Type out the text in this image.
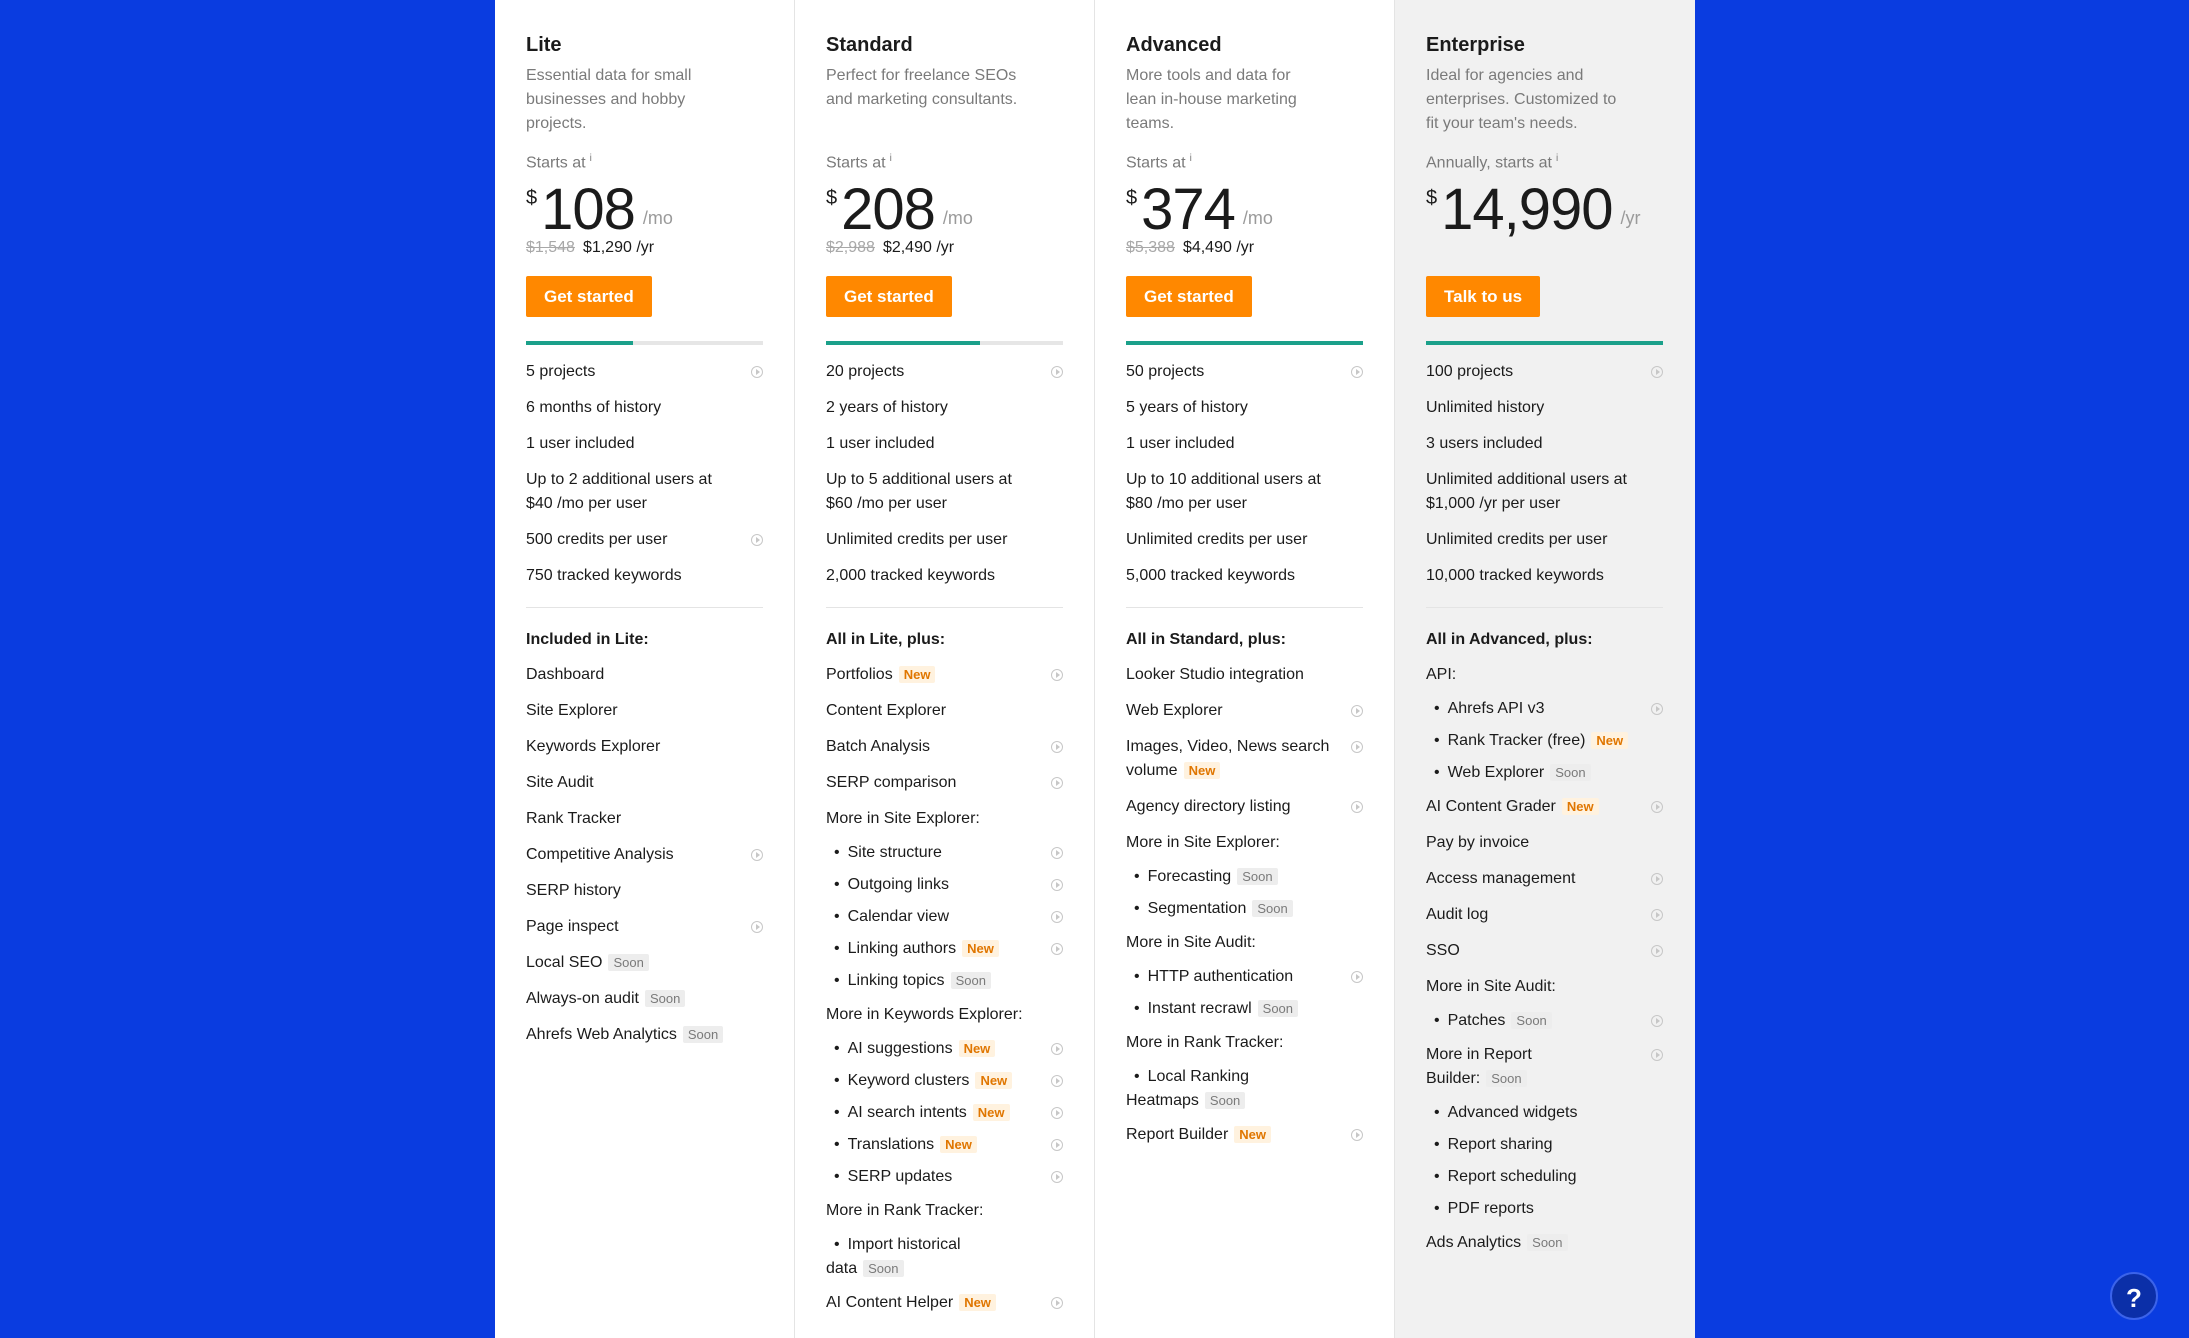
Lite
Essential data for small businesses and hobby projects.
Starts at $^i$
$ 108 /mo
$1,548 $1,290 /yr
Get started
5 projects
6 months of history
1 user included
Up to 2 additional users at $40 /mo per user
500 credits per user
750 tracked keywords
Included in Lite:
Dashboard
Site Explorer
Keywords Explorer
Site Audit
Rank Tracker
Competitive Analysis
SERP history
Page inspect
Local SEO Soon
Always-on audit Soon
Ahrefs Web Analytics Soon
Standard
Perfect for freelance SEOs and marketing consultants.
Starts at $^i$
$ 208 /mo
$2,988 $2,490 /yr
Get started
20 projects
2 years of history
1 user included
Up to 5 additional users at $60 /mo per user
Unlimited credits per user
2,000 tracked keywords
All in Lite, plus:
Portfolios New
Content Explorer
Batch Analysis
SERP comparison
More in Site Explorer:
• Site structure
• Outgoing links
• Calendar view
• Linking authors New
• Linking topics Soon
More in Keywords Explorer:
• AI suggestions New
• Keyword clusters New
• AI search intents New
• Translations New
• SERP updates
More in Rank Tracker:
• Import historical data Soon
AI Content Helper New
Advanced
More tools and data for lean in-house marketing teams.
Starts at $^i$
$ 374 /mo
$5,388 $4,490 /yr
Get started
50 projects
5 years of history
1 user included
Up to 10 additional users at $80 /mo per user
Unlimited credits per user
5,000 tracked keywords
All in Standard, plus:
Looker Studio integration
Web Explorer
Images, Video, News search volume New
Agency directory listing
More in Site Explorer:
• Forecasting Soon
• Segmentation Soon
More in Site Audit:
• HTTP authentication
• Instant recrawl Soon
More in Rank Tracker:
• Local Ranking Heatmaps Soon
Report Builder New
Enterprise
Ideal for agencies and enterprises. Customized to fit your team's needs.
Annually, starts at $^i$
$ 14,990 /yr
Talk to us
100 projects
Unlimited history
3 users included
Unlimited additional users at $1,000 /yr per user
Unlimited credits per user
10,000 tracked keywords
All in Advanced, plus:
API:
• Ahrefs API v3
• Rank Tracker (free) New
• Web Explorer Soon
AI Content Grader New
Pay by invoice
Access management
Audit log
SSO
More in Site Audit:
• Patches Soon
More in Report Builder: Soon
• Advanced widgets
• Report sharing
• Report scheduling
• PDF reports
Ads Analytics Soon
?
